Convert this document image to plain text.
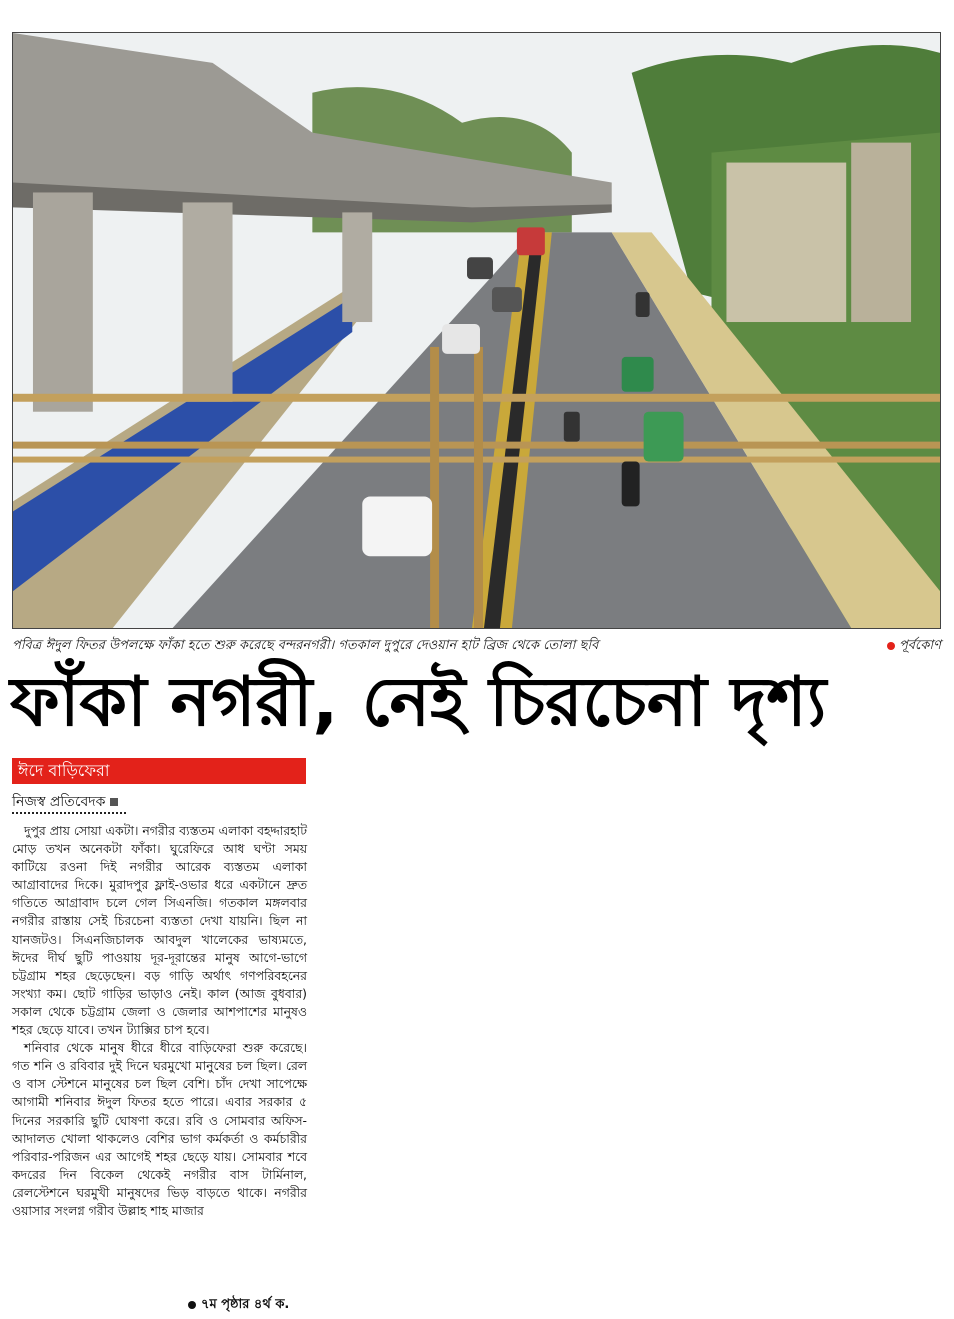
পবিত্র ঈদুল ফিতর উপলক্ষে ফাঁকা হতে শুরু করেছে বন্দরনগরী। গতকাল দুপুরে দেওয়ান হাট ব্রিজ থেকে তোলা ছবি	পূর্বকোণ
ফাঁকা নগরী, নেই চিরচেনা দৃশ্য
ঈদে বাড়িফেরা
নিজস্ব প্রতিবেদক

দুপুর প্রায় সোয়া একটা। নগরীর ব্যস্ততম এলাকা বহদ্দারহাট মোড় তখন অনেকটা ফাঁকা। ঘুরেফিরে আধ ঘণ্টা সময় কাটিয়ে রওনা দিই নগরীর আরেক ব্যস্ততম এলাকা আগ্রাবাদের দিকে। মুরাদপুর ফ্লাই-ওভার ধরে একটানে দ্রুত গতিতে আগ্রাবাদ চলে গেল সিএনজি। গতকাল মঙ্গলবার নগরীর রাস্তায় সেই চিরচেনা ব্যস্ততা দেখা যায়নি। ছিল না যানজটও। সিএনজিচালক আবদুল খালেকের ভাষ্যমতে, ঈদের দীর্ঘ ছুটি পাওয়ায় দূর-দূরান্তের মানুষ আগে-ভাগে চট্টগ্রাম শহর ছেড়েছেন। বড় গাড়ি অর্থাৎ গণপরিবহনের সংখ্যা কম। ছোট গাড়ির ভাড়াও নেই। কাল (আজ বুধবার) সকাল থেকে চট্টগ্রাম জেলা ও জেলার আশপাশের মানুষও শহর ছেড়ে যাবে। তখন ট্যাক্সির চাপ হবে।

শনিবার থেকে মানুষ ধীরে ধীরে বাড়িফেরা শুরু করেছে। গত শনি ও রবিবার দুই দিনে ঘরমুখো মানুষের চল ছিল। রেল ও বাস স্টেশনে মানুষের চল ছিল বেশি। চাঁদ দেখা সাপেক্ষে আগামী শনিবার ঈদুল ফিতর হতে পারে। এবার সরকার ৫ দিনের সরকারি ছুটি ঘোষণা করে। রবি ও সোমবার অফিস-আদালত খোলা থাকলেও বেশির ভাগ কর্মকর্তা ও কর্মচারীর পরিবার-পরিজন এর আগেই শহর ছেড়ে যায়। সোমবার শবে কদরের দিন বিকেল থেকেই নগরীর বাস টার্মিনাল, রেলস্টেশনে ঘরমুখী মানুষদের ভিড় বাড়তে থাকে। নগরীর ওয়াসার সংলগ্ন গরীব উল্লাহ শাহ মাজার

৭ম পৃষ্ঠার ৪র্থ ক.
